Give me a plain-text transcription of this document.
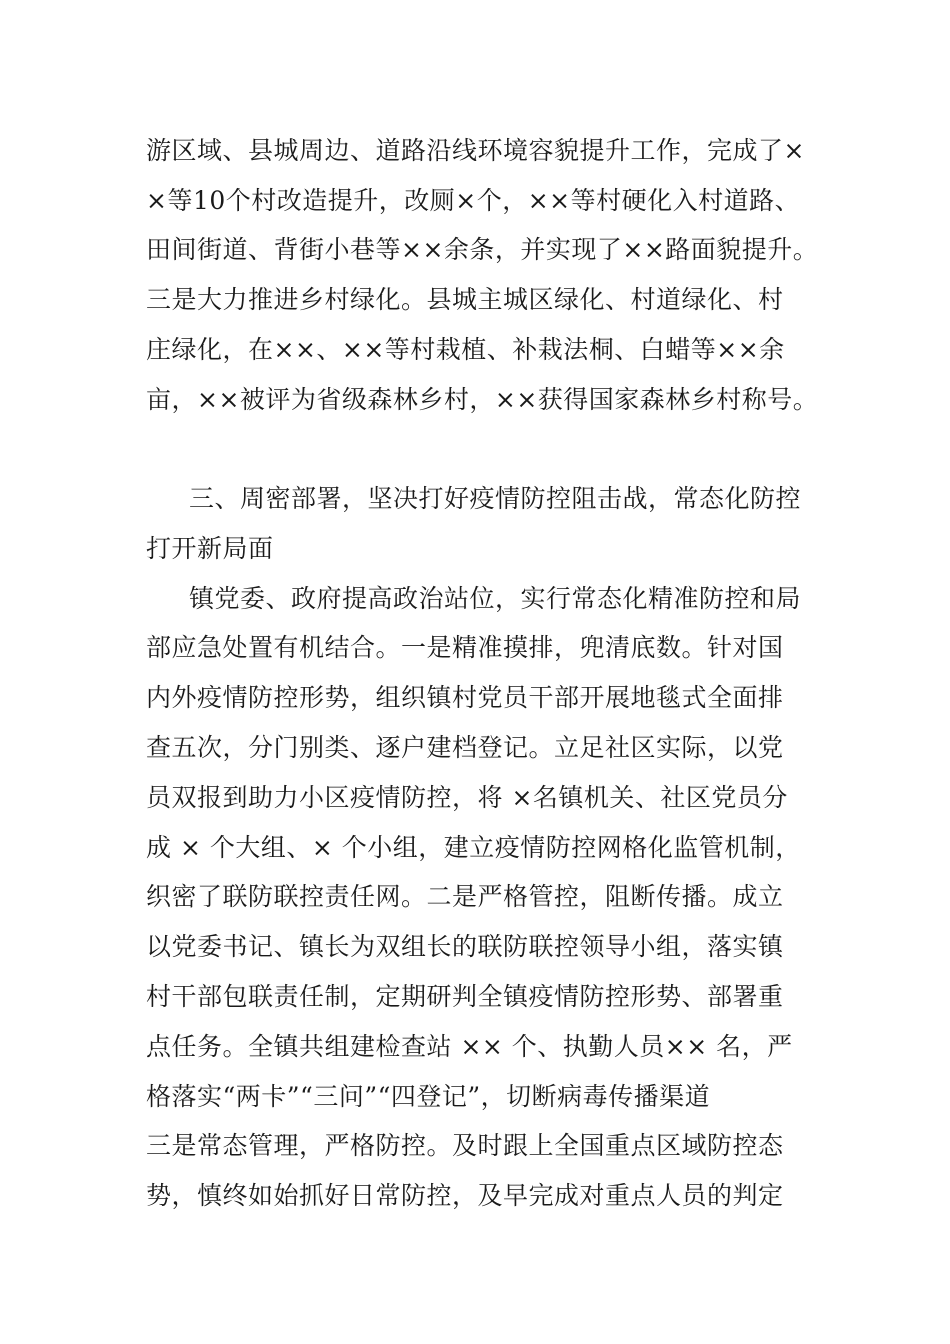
游区域、县城周边、道路沿线环境容貌提升工作，完成了×
×等10个村改造提升，改厕×个，××等村硬化入村道路、
田间街道、背街小巷等××余条，并实现了××路面貌提升。
三是大力推进乡村绿化。县城主城区绿化、村道绿化、村
庄绿化，在××、××等村栽植、补栽法桐、白蜡等××余
亩，××被评为省级森林乡村，××获得国家森林乡村称号。
三、周密部署，坚决打好疫情防控阻击战，常态化防控
打开新局面
镇党委、政府提高政治站位，实行常态化精准防控和局
部应急处置有机结合。一是精准摸排，兜清底数。针对国
内外疫情防控形势，组织镇村党员干部开展地毯式全面排
查五次，分门别类、逐户建档登记。立足社区实际，以党
员双报到助力小区疫情防控，将 ×名镇机关、社区党员分
成 × 个大组、× 个小组，建立疫情防控网格化监管机制，
织密了联防联控责任网。二是严格管控，阻断传播。成立
以党委书记、镇长为双组长的联防联控领导小组，落实镇
村干部包联责任制，定期研判全镇疫情防控形势、部署重
点任务。全镇共组建检查站 ×× 个、执勤人员×× 名，严
格落实“两卡”“三问”“四登记”，切断病毒传播渠道
三是常态管理，严格防控。及时跟上全国重点区域防控态
势，慎终如始抓好日常防控，及早完成对重点人员的判定
